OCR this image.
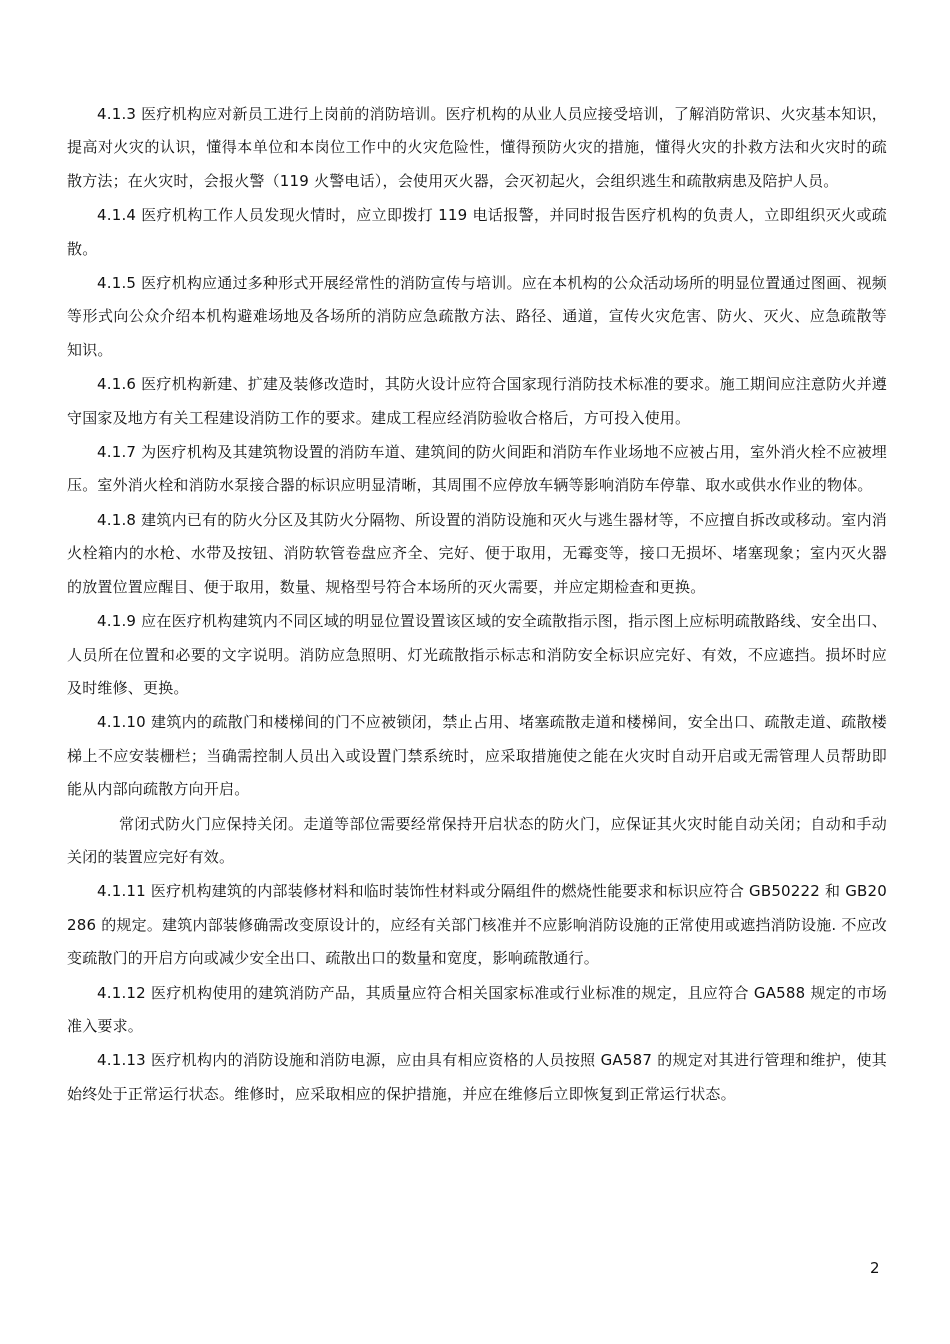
4.1.3 医疗机构应对新员工进行上岗前的消防培训。医疗机构的从业人员应接受培训，了解消防常识、火灾基本知识，提高对火灾的认识，懂得本单位和本岗位工作中的火灾危险性，懂得预防火灾的措施，懂得火灾的扑救方法和火灾时的疏散方法；在火灾时，会报火警（119 火警电话），会使用灭火器，会灭初起火，会组织逃生和疏散病患及陪护人员。

4.1.4 医疗机构工作人员发现火情时，应立即拨打 119 电话报警，并同时报告医疗机构的负责人，立即组织灭火或疏散。

4.1.5 医疗机构应通过多种形式开展经常性的消防宣传与培训。应在本机构的公众活动场所的明显位置通过图画、视频等形式向公众介绍本机构避难场地及各场所的消防应急疏散方法、路径、通道，宣传火灾危害、防火、灭火、应急疏散等知识。

4.1.6 医疗机构新建、扩建及装修改造时，其防火设计应符合国家现行消防技术标准的要求。施工期间应注意防火并遵守国家及地方有关工程建设消防工作的要求。建成工程应经消防验收合格后，方可投入使用。

4.1.7 为医疗机构及其建筑物设置的消防车道、建筑间的防火间距和消防车作业场地不应被占用，室外消火栓不应被埋压。室外消火栓和消防水泵接合器的标识应明显清晰，其周围不应停放车辆等影响消防车停靠、取水或供水作业的物体。

4.1.8 建筑内已有的防火分区及其防火分隔物、所设置的消防设施和灭火与逃生器材等，不应擅自拆改或移动。室内消火栓箱内的水枪、水带及按钮、消防软管卷盘应齐全、完好、便于取用，无霉变等，接口无损坏、堵塞现象；室内灭火器的放置位置应醒目、便于取用，数量、规格型号符合本场所的灭火需要，并应定期检查和更换。

4.1.9 应在医疗机构建筑内不同区域的明显位置设置该区域的安全疏散指示图，指示图上应标明疏散路线、安全出口、人员所在位置和必要的文字说明。消防应急照明、灯光疏散指示标志和消防安全标识应完好、有效，不应遮挡。损坏时应及时维修、更换。

4.1.10 建筑内的疏散门和楼梯间的门不应被锁闭，禁止占用、堵塞疏散走道和楼梯间，安全出口、疏散走道、疏散楼梯上不应安装栅栏；当确需控制人员出入或设置门禁系统时，应采取措施使之能在火灾时自动开启或无需管理人员帮助即能从内部向疏散方向开启。

常闭式防火门应保持关闭。走道等部位需要经常保持开启状态的防火门，应保证其火灾时能自动关闭；自动和手动关闭的装置应完好有效。

4.1.11 医疗机构建筑的内部装修材料和临时装饰性材料或分隔组件的燃烧性能要求和标识应符合 GB50222 和 GB20286 的规定。建筑内部装修确需改变原设计的，应经有关部门核准并不应影响消防设施的正常使用或遮挡消防设施. 不应改变疏散门的开启方向或减少安全出口、疏散出口的数量和宽度，影响疏散通行。

4.1.12 医疗机构使用的建筑消防产品，其质量应符合相关国家标准或行业标准的规定，且应符合 GA588 规定的市场准入要求。

4.1.13 医疗机构内的消防设施和消防电源，应由具有相应资格的人员按照 GA587 的规定对其进行管理和维护，使其始终处于正常运行状态。维修时，应采取相应的保护措施，并应在维修后立即恢复到正常运行状态。

2
